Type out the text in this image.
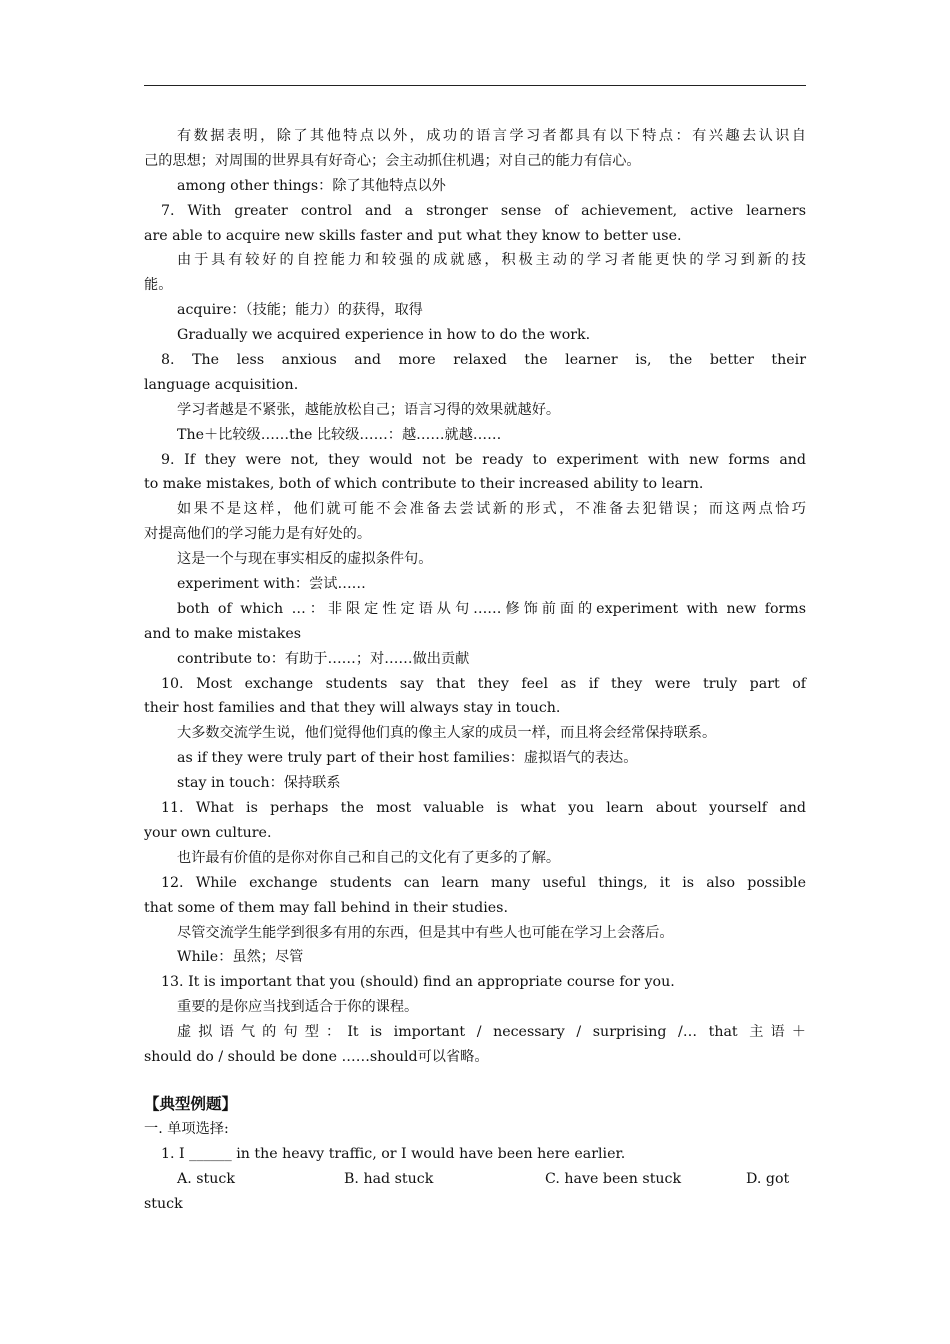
有数据表明，除了其他特点以外，成功的语言学习者都具有以下特点：有兴趣去认识自
己的思想；对周围的世界具有好奇心；会主动抓住机遇；对自己的能力有信心。
among other things：除了其他特点以外
7. With greater control and a stronger sense of achievement, active learners
are able to acquire new skills faster and put what they know to better use.
由于具有较好的自控能力和较强的成就感，积极主动的学习者能更快的学习到新的技
能。
acquire：（技能；能力）的获得，取得
Gradually we acquired experience in how to do the work.
8. The less anxious and more relaxed the learner is, the better their
language acquisition.
学习者越是不紧张，越能放松自己；语言习得的效果就越好。
The＋比较级……the 比较级……：越……就越……
9. If they were not, they would not be ready to experiment with new forms and
to make mistakes, both of which contribute to their increased ability to learn.
如果不是这样，他们就可能不会准备去尝试新的形式，不准备去犯错误；而这两点恰巧
对提高他们的学习能力是有好处的。
这是一个与现在事实相反的虚拟条件句。
experiment with：尝试……
both of which …：非限定性定语从句……修饰前面的experiment with new forms
and to make mistakes
contribute to：有助于……；对……做出贡献
10. Most exchange students say that they feel as if they were truly part of
their host families and that they will always stay in touch.
大多数交流学生说，他们觉得他们真的像主人家的成员一样，而且将会经常保持联系。
as if they were truly part of their host families：虚拟语气的表达。
stay in touch：保持联系
11. What is perhaps the most valuable is what you learn about yourself and
your own culture.
也许最有价值的是你对你自己和自己的文化有了更多的了解。
12. While exchange students can learn many useful things, it is also possible
that some of them may fall behind in their studies.
尽管交流学生能学到很多有用的东西，但是其中有些人也可能在学习上会落后。
While：虽然；尽管
13. It is important that you (should) find an appropriate course for you.
重要的是你应当找到适合于你的课程。
虚拟语气的句型：It is important / necessary / surprising /… that 主语＋
should do / should be done ……should可以省略。
【典型例题】
一. 单项选择:
1. I ______ in the heavy traffic, or I would have been here earlier.
A. stuck	B. had stuck	C. have been stuck	D. got
stuck
